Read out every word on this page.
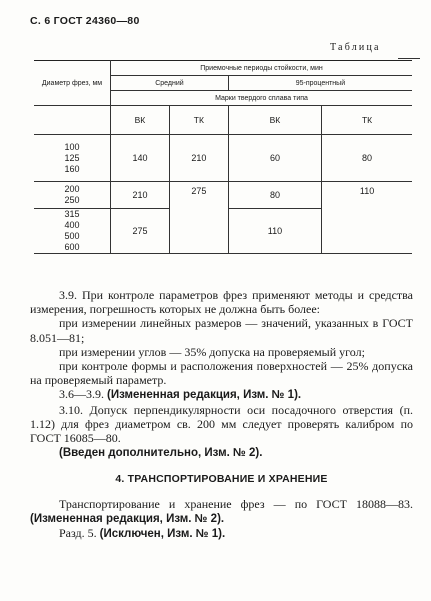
С. 6 ГОСТ 24360—80
Таблица
Диаметр фрез, мм	Приемочные периоды стойкости, мин			
	Средний		95-процентный	
	Марки твердого сплава типа			
	ВК	ТК	ВК	ТК

100
125
160	140	210	60	80

200
250	210	275	80	110

315
400
500
600	275		110	

3.9. При контроле параметров фрез применяют методы и средства измерения, погрешность которых не должна быть более:

при измерении линейных размеров — значений, указанных в ГОСТ 8.051—81;

при измерении углов — 35% допуска на проверяемый угол;

при контроле формы и расположения поверхностей — 25% допуска на проверяемый параметр.

3.6—3.9. (Измененная редакция, Изм. № 1).

3.10. Допуск перпендикулярности оси посадочного отверстия (п. 1.12) для фрез диаметром св. 200 мм следует проверять калибром по ГОСТ 16085—80.

(Введен дополнительно, Изм. № 2).

4. ТРАНСПОРТИРОВАНИЕ И ХРАНЕНИЕ

Транспортирование и хранение фрез — по ГОСТ 18088—83. (Измененная редакция, Изм. № 2).

Разд. 5. (Исключен, Изм. № 1).
